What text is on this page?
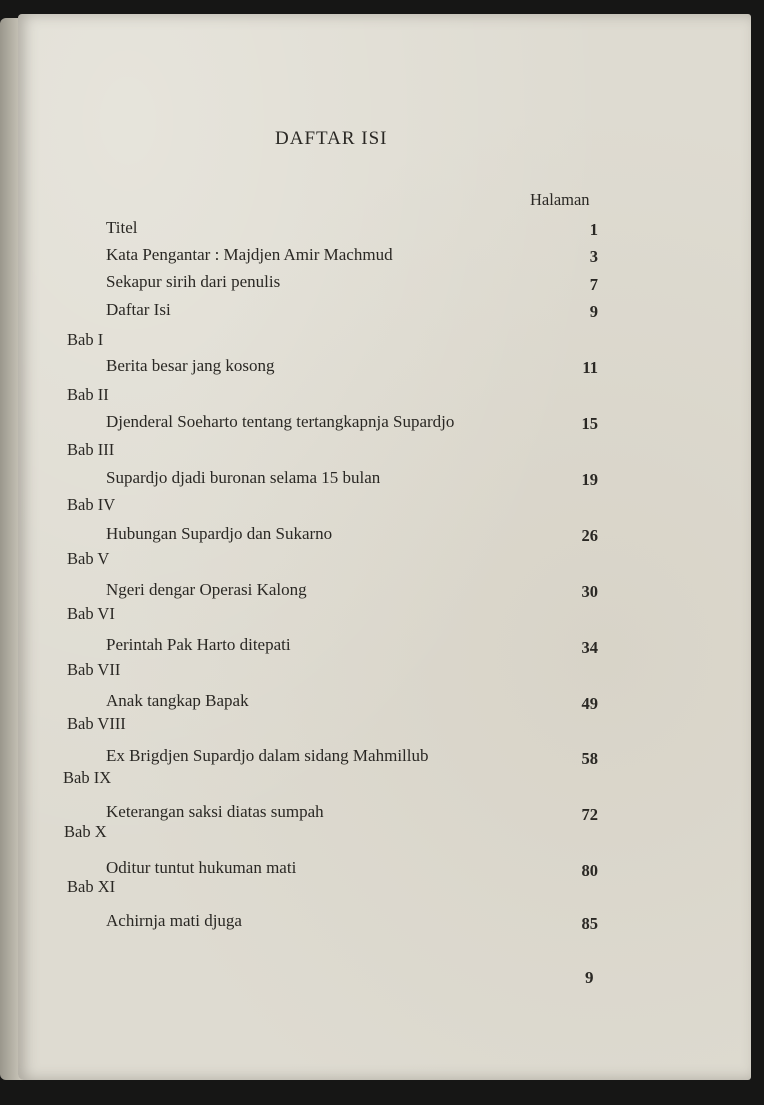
DAFTAR ISI
Halaman
Titel	1
Kata Pengantar : Majdjen Amir Machmud	3
Sekapur sirih dari penulis	7
Daftar Isi	9
Bab I
Berita besar jang kosong	11
Bab II
Djenderal Soeharto tentang tertangkapnja Supardjo	15
Bab III
Supardjo djadi buronan selama 15 bulan	19
Bab IV
Hubungan Supardjo dan Sukarno	26
Bab V
Ngeri dengar Operasi Kalong	30
Bab VI
Perintah Pak Harto ditepati	34
Bab VII
Anak tangkap Bapak	49
Bab VIII
Ex Brigdjen Supardjo dalam sidang Mahmillub	58
Bab IX
Keterangan saksi diatas sumpah	72
Bab X
Oditur tuntut hukuman mati	80
Bab XI
Achirnja mati djuga	85
9
